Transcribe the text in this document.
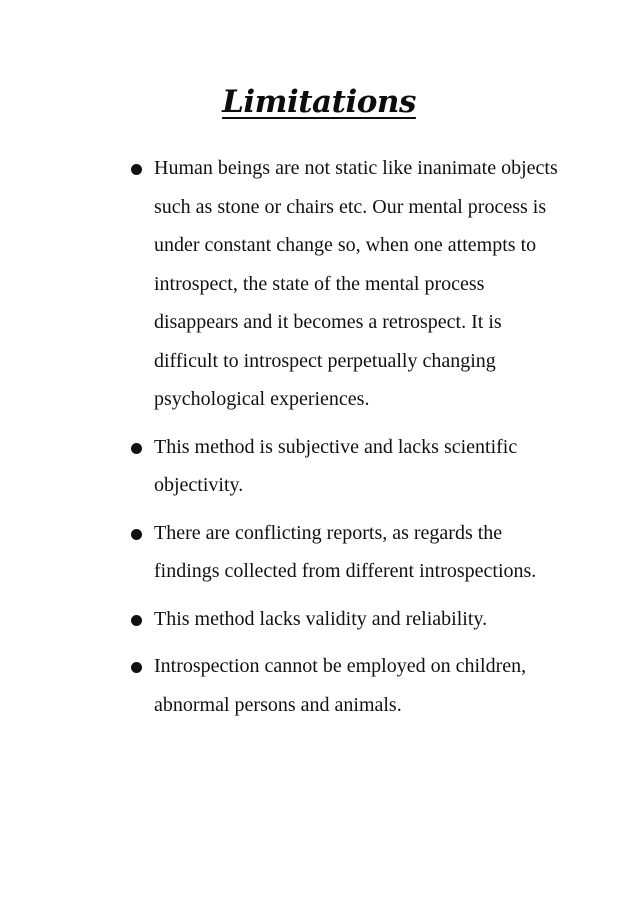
Limitations
Human beings are not static like inanimate objects such as stone or chairs etc. Our mental process is under constant change so, when one attempts to introspect, the state of the mental process disappears and it becomes a retrospect. It is difficult to introspect perpetually changing psychological experiences.
This method is subjective and lacks scientific objectivity.
There are conflicting reports, as regards the findings collected from different introspections.
This method lacks validity and reliability.
Introspection cannot be employed on children, abnormal persons and animals.
